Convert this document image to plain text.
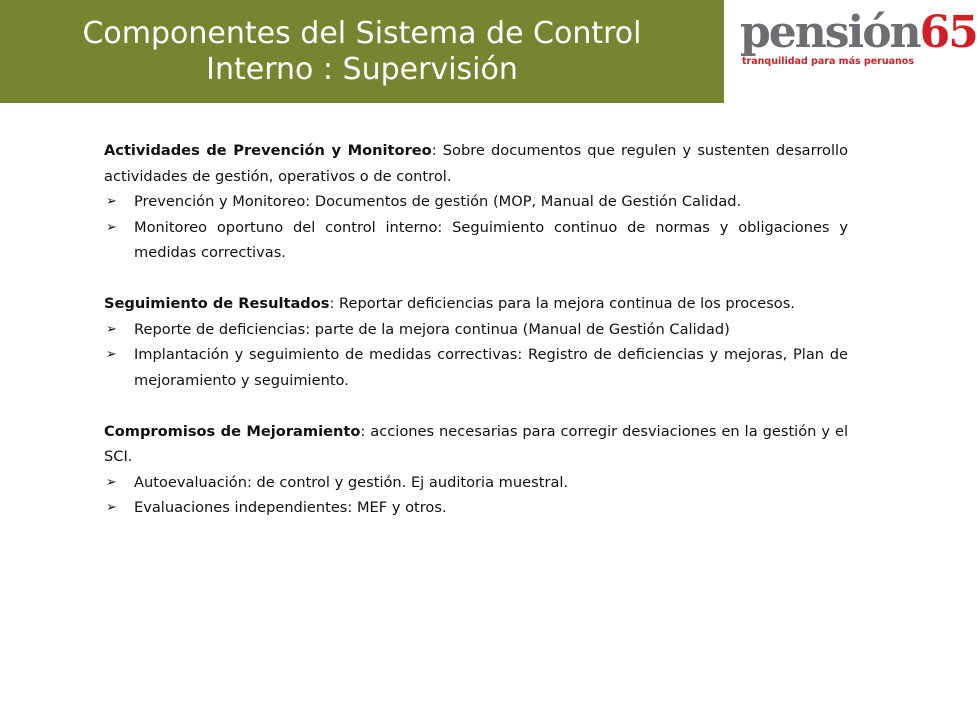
Componentes del Sistema de Control
Interno : Supervisión
pensión65
tranquilidad para más peruanos

Actividades de Prevención y Monitoreo: Sobre documentos que regulen y sustenten desarrollo actividades de gestión, operativos o de control.

➢ Prevención y Monitoreo: Documentos de gestión (MOP, Manual de Gestión Calidad.
➢ Monitoreo oportuno del control interno: Seguimiento continuo de normas y obligaciones y medidas correctivas.

Seguimiento de Resultados: Reportar deficiencias para la mejora continua de los procesos.

➢ Reporte de deficiencias: parte de la mejora continua (Manual de Gestión Calidad)
➢ Implantación y seguimiento de medidas correctivas: Registro de deficiencias y mejoras, Plan de mejoramiento y seguimiento.

Compromisos de Mejoramiento: acciones necesarias para corregir desviaciones en la gestión y el SCI.

➢ Autoevaluación: de control y gestión. Ej auditoria muestral.
➢ Evaluaciones independientes: MEF y otros.
